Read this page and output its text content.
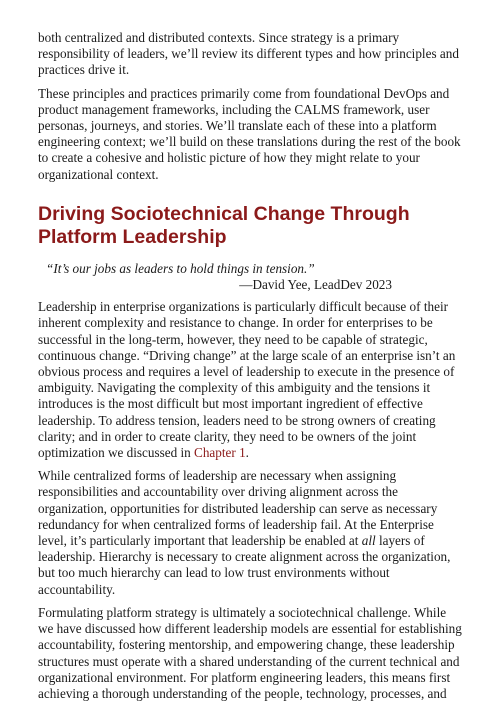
both centralized and distributed contexts. Since strategy is a primary responsibility of leaders, we’ll review its different types and how principles and practices drive it.

These principles and practices primarily come from foundational DevOps and product management frameworks, including the CALMS framework, user personas, journeys, and stories. We’ll translate each of these into a platform engineering context; we’ll build on these translations during the rest of the book to create a cohesive and holistic picture of how they might relate to your organizational context.

Driving Sociotechnical Change Through Platform Leadership

“It’s our jobs as leaders to hold things in tension.”

—David Yee, LeadDev 2023

Leadership in enterprise organizations is particularly difficult because of their inherent complexity and resistance to change. In order for enterprises to be successful in the long-term, however, they need to be capable of strategic, continuous change. “Driving change” at the large scale of an enterprise isn’t an obvious process and requires a level of leadership to execute in the presence of ambiguity. Navigating the complexity of this ambiguity and the tensions it introduces is the most difficult but most important ingredient of effective leadership. To address tension, leaders need to be strong owners of creating clarity; and in order to create clarity, they need to be owners of the joint optimization we discussed in Chapter 1.

While centralized forms of leadership are necessary when assigning responsibilities and accountability over driving alignment across the organization, opportunities for distributed leadership can serve as necessary redundancy for when centralized forms of leadership fail. At the Enterprise level, it’s particularly important that leadership be enabled at all layers of leadership. Hierarchy is necessary to create alignment across the organization, but too much hierarchy can lead to low trust environments without accountability.

Formulating platform strategy is ultimately a sociotechnical challenge. While we have discussed how different leadership models are essential for establishing accountability, fostering mentorship, and empowering change, these leadership structures must operate with a shared understanding of the current technical and organizational environment. For platform engineering leaders, this means first achieving a thorough understanding of the people, technology, processes, and
